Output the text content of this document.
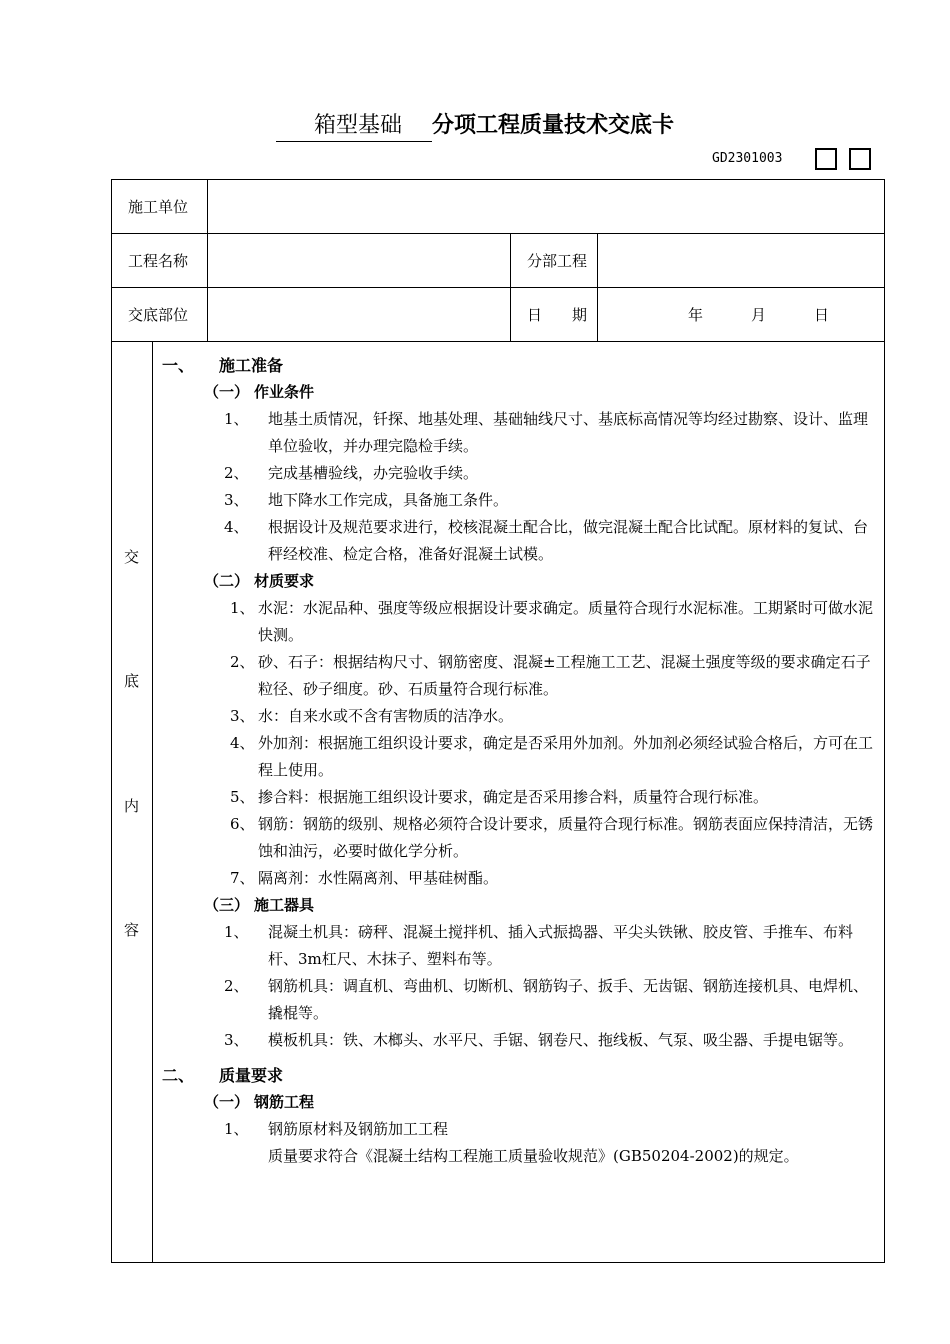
箱型基础 分项工程质量技术交底卡
GD2301003
施工单位			
工程名称		分部工程	
交底部位		日　　期	年 月 日
交
底
内
容
一、 施工准备
（一） 作业条件
1、 地基土质情况，钎探、地基处理、基础轴线尺寸、基底标高情况等均经过勘察、设计、监理单位验收，并办理完隐检手续。
2、 完成基槽验线，办完验收手续。
3、 地下降水工作完成，具备施工条件。
4、 根据设计及规范要求进行，校核混凝土配合比，做完混凝土配合比试配。原材料的复试、台秤经校准、检定合格，准备好混凝土试模。
（二） 材质要求
1、 水泥：水泥品种、强度等级应根据设计要求确定。质量符合现行水泥标准。工期紧时可做水泥快测。
2、 砂、石子：根据结构尺寸、钢筋密度、混凝±工程施工工艺、混凝土强度等级的要求确定石子粒径、砂子细度。砂、石质量符合现行标准。
3、 水：自来水或不含有害物质的洁净水。
4、 外加剂：根据施工组织设计要求，确定是否采用外加剂。外加剂必须经试验合格后，方可在工程上使用。
5、 掺合料：根据施工组织设计要求，确定是否采用掺合料，质量符合现行标准。
6、 钢筋：钢筋的级别、规格必须符合设计要求，质量符合现行标准。钢筋表面应保持清洁，无锈蚀和油污，必要时做化学分析。
7、 隔离剂：水性隔离剂、甲基硅树酯。
（三） 施工器具
1、 混凝土机具：磅秤、混凝土搅拌机、插入式振捣器、平尖头铁锹、胶皮管、手推车、布料杆、3m杠尺、木抹子、塑料布等。
2、 钢筋机具：调直机、弯曲机、切断机、钢筋钩子、扳手、无齿锯、钢筋连接机具、电焊机、撬棍等。
3、 模板机具：铁、木榔头、水平尺、手锯、钢卷尺、拖线板、气泵、吸尘器、手提电锯等。
二、 质量要求
（一） 钢筋工程
1、 钢筋原材料及钢筋加工工程
质量要求符合《混凝土结构工程施工质量验收规范》(GB50204-2002)的规定。
